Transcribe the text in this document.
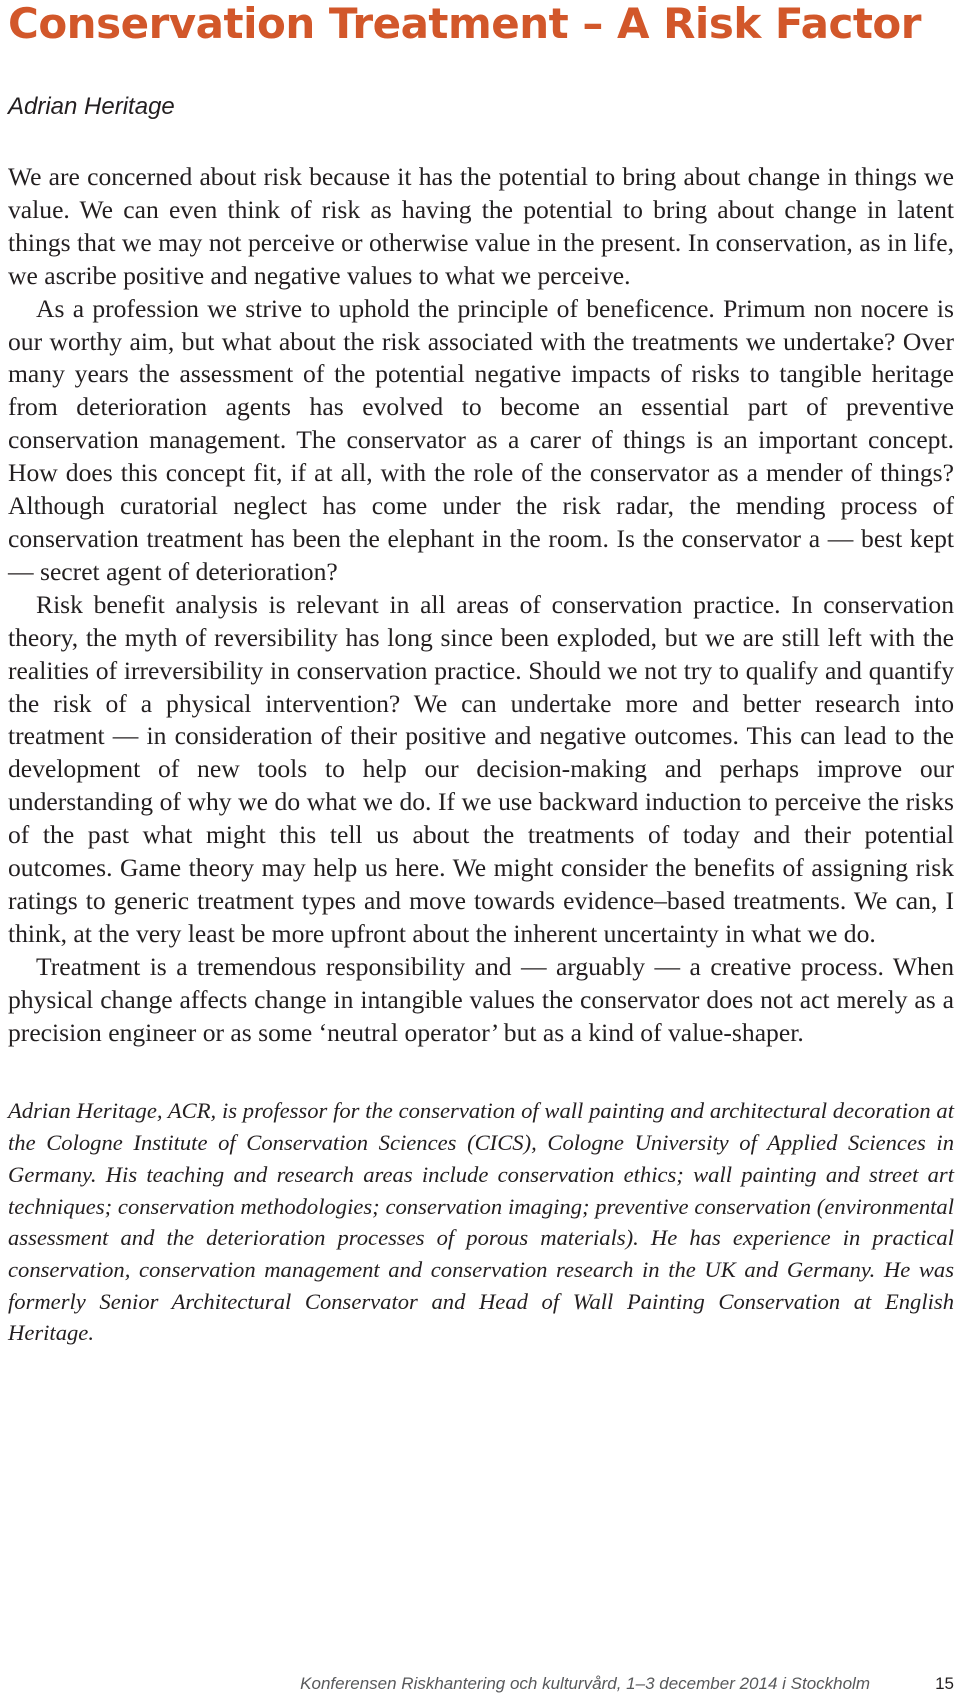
Conservation Treatment – A Risk Factor
Adrian Heritage

We are concerned about risk because it has the potential to bring about change in things we value. We can even think of risk as having the potential to bring about change in latent things that we may not perceive or otherwise value in the present. In conservation, as in life, we ascribe positive and negative values to what we perceive.

As a profession we strive to uphold the principle of beneficence. Primum non nocere is our worthy aim, but what about the risk associated with the treatments we undertake? Over many years the assessment of the potential negative impacts of risks to tangible heritage from deterioration agents has evolved to become an essential part of preventive conservation management. The conservator as a carer of things is an important concept. How does this concept fit, if at all, with the role of the conservator as a mender of things? Although curatorial neglect has come under the risk radar, the mending process of conservation treatment has been the elephant in the room. Is the conservator a — best kept — secret agent of deterioration?

Risk benefit analysis is relevant in all areas of conservation practice. In conservation theory, the myth of reversibility has long since been exploded, but we are still left with the realities of irreversibility in conservation practice. Should we not try to qualify and quantify the risk of a physical intervention? We can undertake more and better research into treatment — in consideration of their positive and negative outcomes. This can lead to the development of new tools to help our decision-making and perhaps improve our understanding of why we do what we do. If we use backward induction to perceive the risks of the past what might this tell us about the treatments of today and their potential outcomes. Game theory may help us here. We might consider the benefits of assigning risk ratings to generic treatment types and move towards evidence–based treatments. We can, I think, at the very least be more upfront about the inherent uncertainty in what we do.

Treatment is a tremendous responsibility and — arguably — a creative process. When physical change affects change in intangible values the conservator does not act merely as a precision engineer or as some ‘neutral operator’ but as a kind of value-shaper.

Adrian Heritage, ACR, is professor for the conservation of wall painting and architectural decoration at the Cologne Institute of Conservation Sciences (CICS), Cologne University of Applied Sciences in Germany. His teaching and research areas include conservation ethics; wall painting and street art techniques; conservation methodologies; conservation imaging; preventive conservation (environmental assessment and the deterioration processes of porous materials). He has experience in practical conservation, conservation management and conservation research in the UK and Germany. He was formerly Senior Architectural Conservator and Head of Wall Painting Conservation at English Heritage.
Konferensen Riskhantering och kulturvård, 1–3 december 2014 i Stockholm	15
